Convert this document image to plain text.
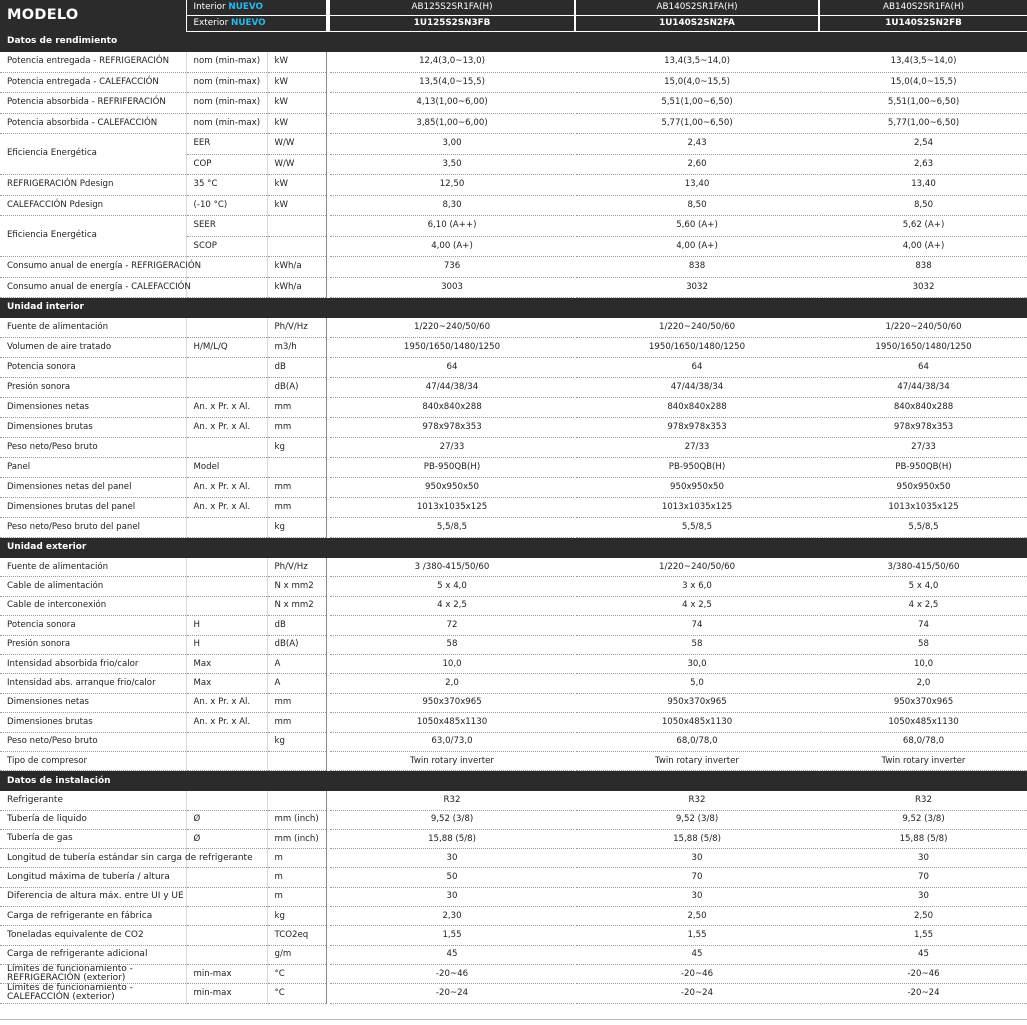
MODELO	Interior NUEVO			AB125S2SR1FA(H)		AB140S2SR1FA(H)		AB140S2SR1FA(H)
	Exterior NUEVO			1U125S2SN3FB		1U140S2SN2FA		1U140S2SN2FB
Datos de rendimiento								
Potencia entregada - REFRIGERACIÓN	nom (min-max)	kW		12,4(3,0~13,0)		13,4(3,5~14,0)		13,4(3,5~14,0)
Potencia entregada - CALEFACCIÓN	nom (min-max)	kW		13,5(4,0~15,5)		15,0(4,0~15,5)		15,0(4,0~15,5)
Potencia absorbida - REFRIFERACIÓN	nom (min-max)	kW		4,13(1,00~6,00)		5,51(1,00~6,50)		5,51(1,00~6,50)
Potencia absorbida - CALEFACCIÓN	nom (min-max)	kW		3,85(1,00~6,00)		5,77(1,00~6,50)		5,77(1,00~6,50)
Eficiencia Energética	EER	W/W		3,00		2,43		2,54
	COP	W/W		3,50		2,60		2,63
REFRIGERACIÓN Pdesign	35 °C	kW		12,50		13,40		13,40
CALEFACCIÓN Pdesign	(-10 °C)	kW		8,30		8,50		8,50
Eficiencia Energética	SEER			6,10 (A++)		5,60 (A+)		5,62 (A+)
	SCOP			4,00 (A+)		4,00 (A+)		4,00 (A+)
Consumo anual de energía - REFRIGERACIÓN		kWh/a		736		838		838
Consumo anual de energía - CALEFACCIÓN		kWh/a		3003		3032		3032
Unidad interior								
Fuente de alimentación		Ph/V/Hz		1/220~240/50/60		1/220~240/50/60		1/220~240/50/60
Volumen de aire tratado	H/M/L/Q	m3/h		1950/1650/1480/1250		1950/1650/1480/1250		1950/1650/1480/1250
Potencia sonora		dB		64		64		64
Presión sonora		dB(A)		47/44/38/34		47/44/38/34		47/44/38/34
Dimensiones netas	An. x Pr. x Al.	mm		840x840x288		840x840x288		840x840x288
Dimensiones brutas	An. x Pr. x Al.	mm		978x978x353		978x978x353		978x978x353
Peso neto/Peso bruto		kg		27/33		27/33		27/33
Panel	Model			PB-950QB(H)		PB-950QB(H)		PB-950QB(H)
Dimensiones netas del panel	An. x Pr. x Al.	mm		950x950x50		950x950x50		950x950x50
Dimensiones brutas del panel	An. x Pr. x Al.	mm		1013x1035x125		1013x1035x125		1013x1035x125
Peso neto/Peso bruto del panel		kg		5,5/8,5		5,5/8,5		5,5/8,5
Unidad exterior								
Fuente de alimentación		Ph/V/Hz		3 /380-415/50/60		1/220~240/50/60		3/380-415/50/60
Cable de alimentación		N x mm2		5 x 4,0		3 x 6,0		5 x 4,0
Cable de interconexión		N x mm2		4 x 2,5		4 x 2,5		4 x 2,5
Potencia sonora	H	dB		72		74		74
Presión sonora	H	dB(A)		58		58		58
Intensidad absorbida frio/calor	Max	A		10,0		30,0		10,0
Intensidad abs. arranque frio/calor	Max	A		2,0		5,0		2,0
Dimensiones netas	An. x Pr. x Al.	mm		950x370x965		950x370x965		950x370x965
Dimensiones brutas	An. x Pr. x Al.	mm		1050x485x1130		1050x485x1130		1050x485x1130
Peso neto/Peso bruto		kg		63,0/73,0		68,0/78,0		68,0/78,0
Tipo de compresor				Twin rotary inverter		Twin rotary inverter		Twin rotary inverter
Datos de instalación								
Refrigerante				R32		R32		R32
Tubería de liquido	Ø	mm (inch)		9,52 (3/8)		9,52 (3/8)		9,52 (3/8)
Tubería de gas	Ø	mm (inch)		15,88 (5/8)		15,88 (5/8)		15,88 (5/8)
Longitud de tubería estándar sin carga de refrigerante		m		30		30		30
Longitud máxima de tubería / altura		m		50		70		70
Diferencia de altura máx. entre UI y UE		m		30		30		30
Carga de refrigerante en fábrica		kg		2,30		2,50		2,50
Toneladas equivalente de CO2		TCO2eq		1,55		1,55		1,55
Carga de refrigerante adicional		g/m		45		45		45
Límites de funcionamiento - REFRIGERACIÓN (exterior)	min-max	°C		-20~46		-20~46		-20~46
Límites de funcionamiento - CALEFACCIÓN (exterior)	min-max	°C		-20~24		-20~24		-20~24
